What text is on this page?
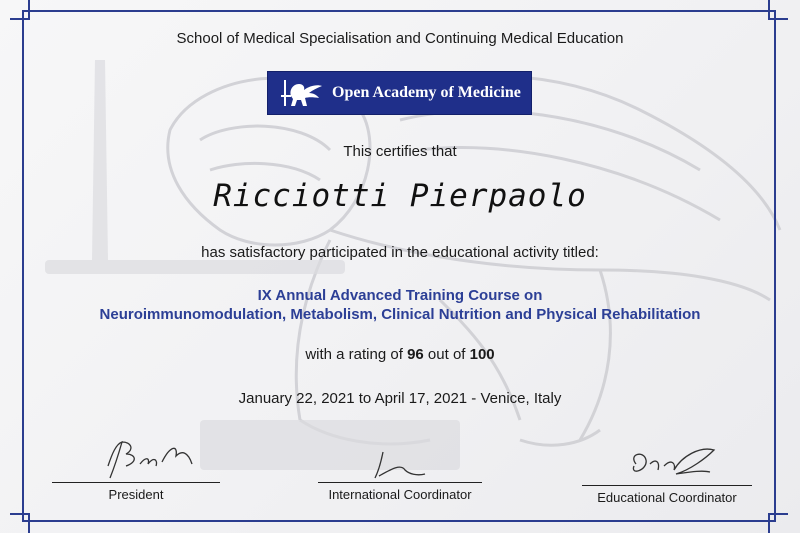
School of Medical Specialisation and Continuing Medical Education
Open Academy of Medicine
This certifies that
Ricciotti Pierpaolo
has satisfactory participated in the educational activity titled:
IX Annual Advanced Training Course on
Neuroimmunomodulation, Metabolism, Clinical Nutrition and Physical Rehabilitation
with a rating of 96 out of 100
January 22, 2021 to April 17, 2021 - Venice, Italy
President	International Coordinator	Educational Coordinator
